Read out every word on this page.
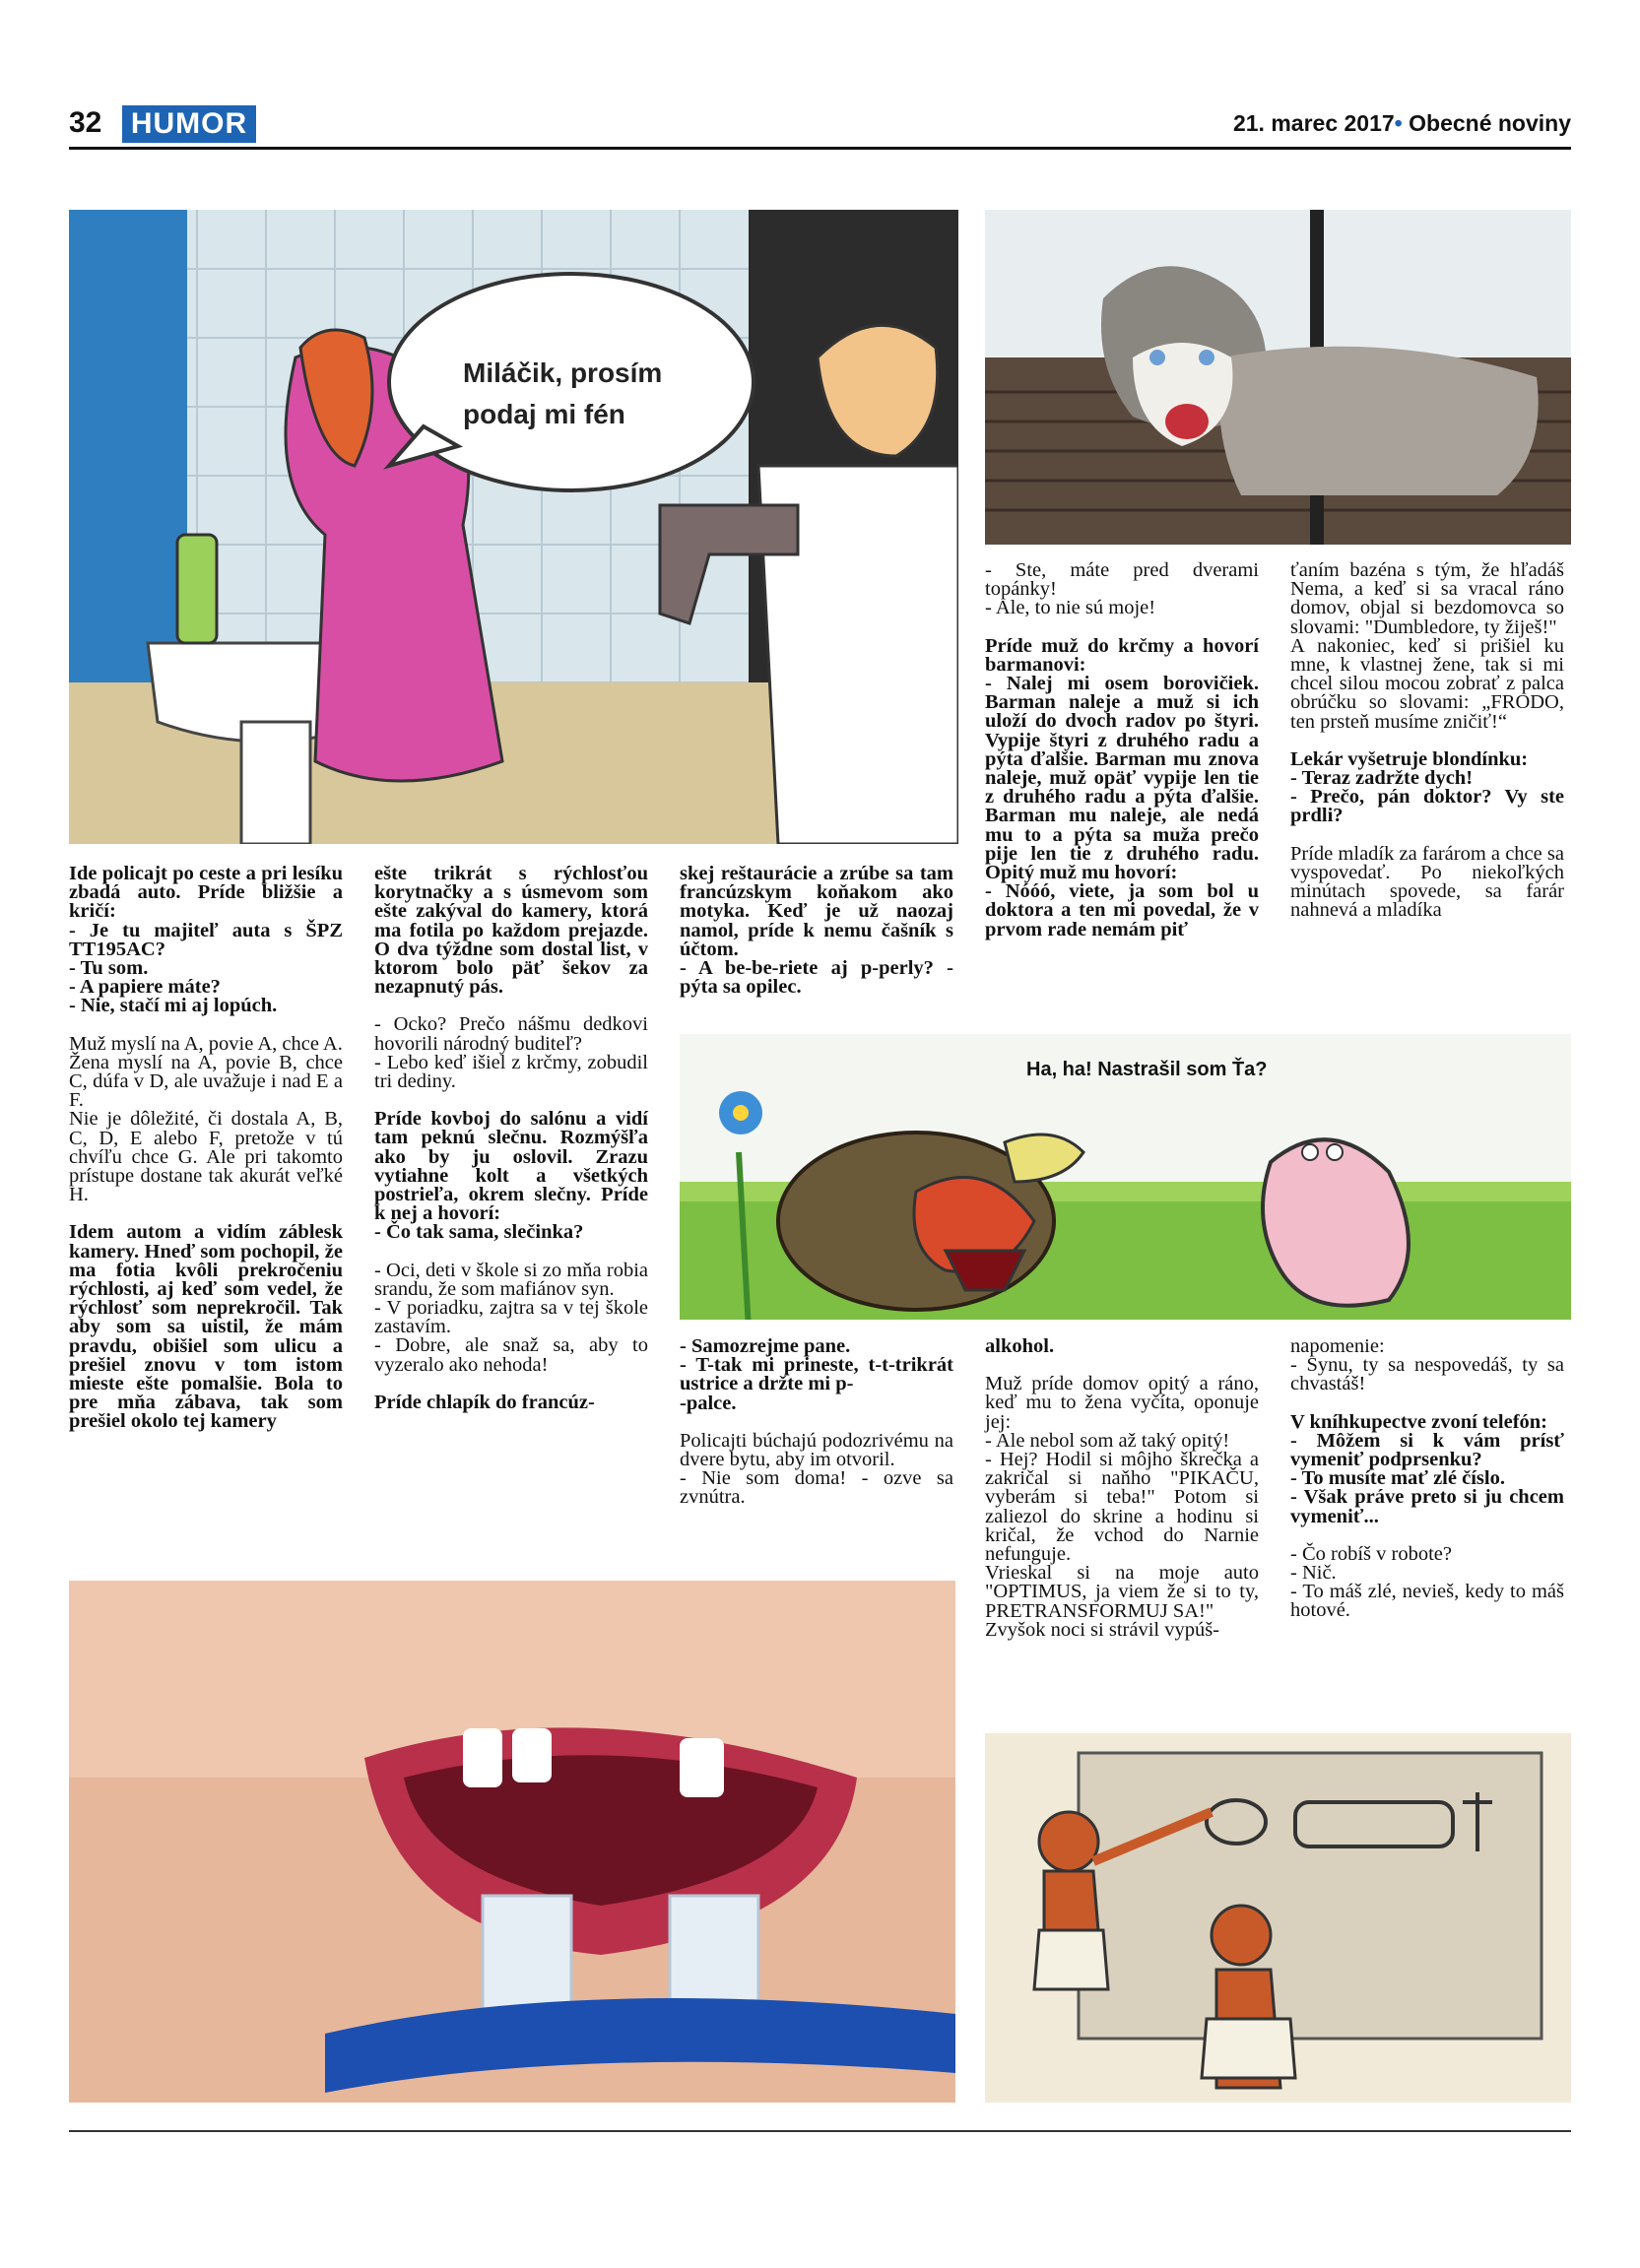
32 HUMOR	21. marec 2017• Obecné noviny
Miláčik, prosím
podaj mi fén

Ide policajt po ceste a pri lesíku zbadá auto. Príde bližšie a kričí:
- Je tu majiteľ auta s ŠPZ TT195AC?
- Tu som.
- A papiere máte?
- Nie, stačí mi aj lopúch.

Muž myslí na A, povie A, chce A.
Žena myslí na A, povie B, chce C, dúfa v D, ale uvažuje i nad E a F.
Nie je dôležité, či dostala A, B, C, D, E alebo F, pretože v tú chvíľu chce G. Ale pri takomto prístupe dostane tak akurát veľké H.

Idem autom a vidím záblesk kamery. Hneď som pochopil, že ma fotia kvôli prekročeniu rýchlosti, aj keď som vedel, že rýchlosť som neprekročil. Tak aby som sa uistil, že mám pravdu, obišiel som ulicu a prešiel znovu v tom istom mieste ešte pomalšie. Bola to pre mňa zábava, tak som prešiel okolo tej kamery

ešte trikrát s rýchlosťou korytnačky a s úsmevom som ešte zakýval do kamery, ktorá ma fotila po každom prejazde. O dva týždne som dostal list, v ktorom bolo päť šekov za nezapnutý pás.

- Ocko? Prečo nášmu dedkovi hovorili národný buditeľ?
- Lebo keď išiel z krčmy, zobudil tri dediny.

Príde kovboj do salónu a vidí tam peknú slečnu. Rozmýšľa ako by ju oslovil. Zrazu vytiahne kolt a všetkých postrieľa, okrem slečny. Príde k nej a hovorí:
- Čo tak sama, slečinka?

- Oci, deti v škole si zo mňa robia srandu, že som mafiánov syn.
- V poriadku, zajtra sa v tej škole zastavím.
- Dobre, ale snaž sa, aby to vyzeralo ako nehoda!

Príde chlapík do francúz-

skej reštaurácie a zrúbe sa tam francúzskym koňakom ako motyka. Keď je už naozaj namol, príde k nemu čašník s účtom.
- A be-be-riete aj p-perly? - pýta sa opilec.

- Ste, máte pred dverami topánky!
- Ale, to nie sú moje!

Príde muž do krčmy a hovorí barmanovi:
- Nalej mi osem borovičiek. Barman naleje a muž si ich uloží do dvoch radov po štyri. Vypije štyri z druhého radu a pýta ďalšie. Barman mu znova naleje, muž opäť vypije len tie z druhého radu a pýta ďalšie. Barman mu naleje, ale nedá mu to a pýta sa muža prečo pije len tie z druhého radu. Opitý muž mu hovorí:
- Nóóó, viete, ja som bol u doktora a ten mi povedal, že v prvom rade nemám piť

ťaním bazéna s tým, že hľadáš Nema, a keď si sa vracal ráno domov, objal si bezdomovca so slovami: "Dumbledore, ty žiješ!"

A nakoniec, keď si prišiel ku mne, k vlastnej žene, tak si mi chcel silou mocou zobrať z palca obrúčku so slovami: „FRODO, ten prsteň musíme zničiť!“

Lekár vyšetruje blondínku:
- Teraz zadržte dych!
- Prečo, pán doktor? Vy ste prdli?

Príde mladík za farárom a chce sa vyspovedať. Po niekoľkých minútach spovede, sa farár nahnevá a mladíka

Ha, ha! Nastrašil som Ťa?

- Samozrejme pane.
- T-tak mi prineste, t-t-trikrát ustrice a držte mi p-
-palce.

Policajti búchajú podozrivému na dvere bytu, aby im otvoril.
- Nie som doma! - ozve sa zvnútra.

alkohol.

Muž príde domov opitý a ráno, keď mu to žena vyčíta, oponuje jej:
- Ale nebol som až taký opitý!
- Hej? Hodil si môjho škrečka a zakričal si naňho "PIKAČU, vyberám si teba!" Potom si zaliezol do skrine a hodinu si kričal, že vchod do Narnie nefunguje.
Vrieskal si na moje auto "OPTIMUS, ja viem že si to ty, PRETRANSFORMUJ SA!"
Zvyšok noci si strávil vypúš-

napomenie:
- Synu, ty sa nespovedáš, ty sa chvastáš!

V kníhkupectve zvoní telefón:
- Môžem si k vám prísť vymeniť podprsenku?
- To musíte mať zlé číslo.
- Však práve preto si ju chcem vymeniť...

- Čo robíš v robote?
- Nič.
- To máš zlé, nevieš, kedy to máš hotové.
